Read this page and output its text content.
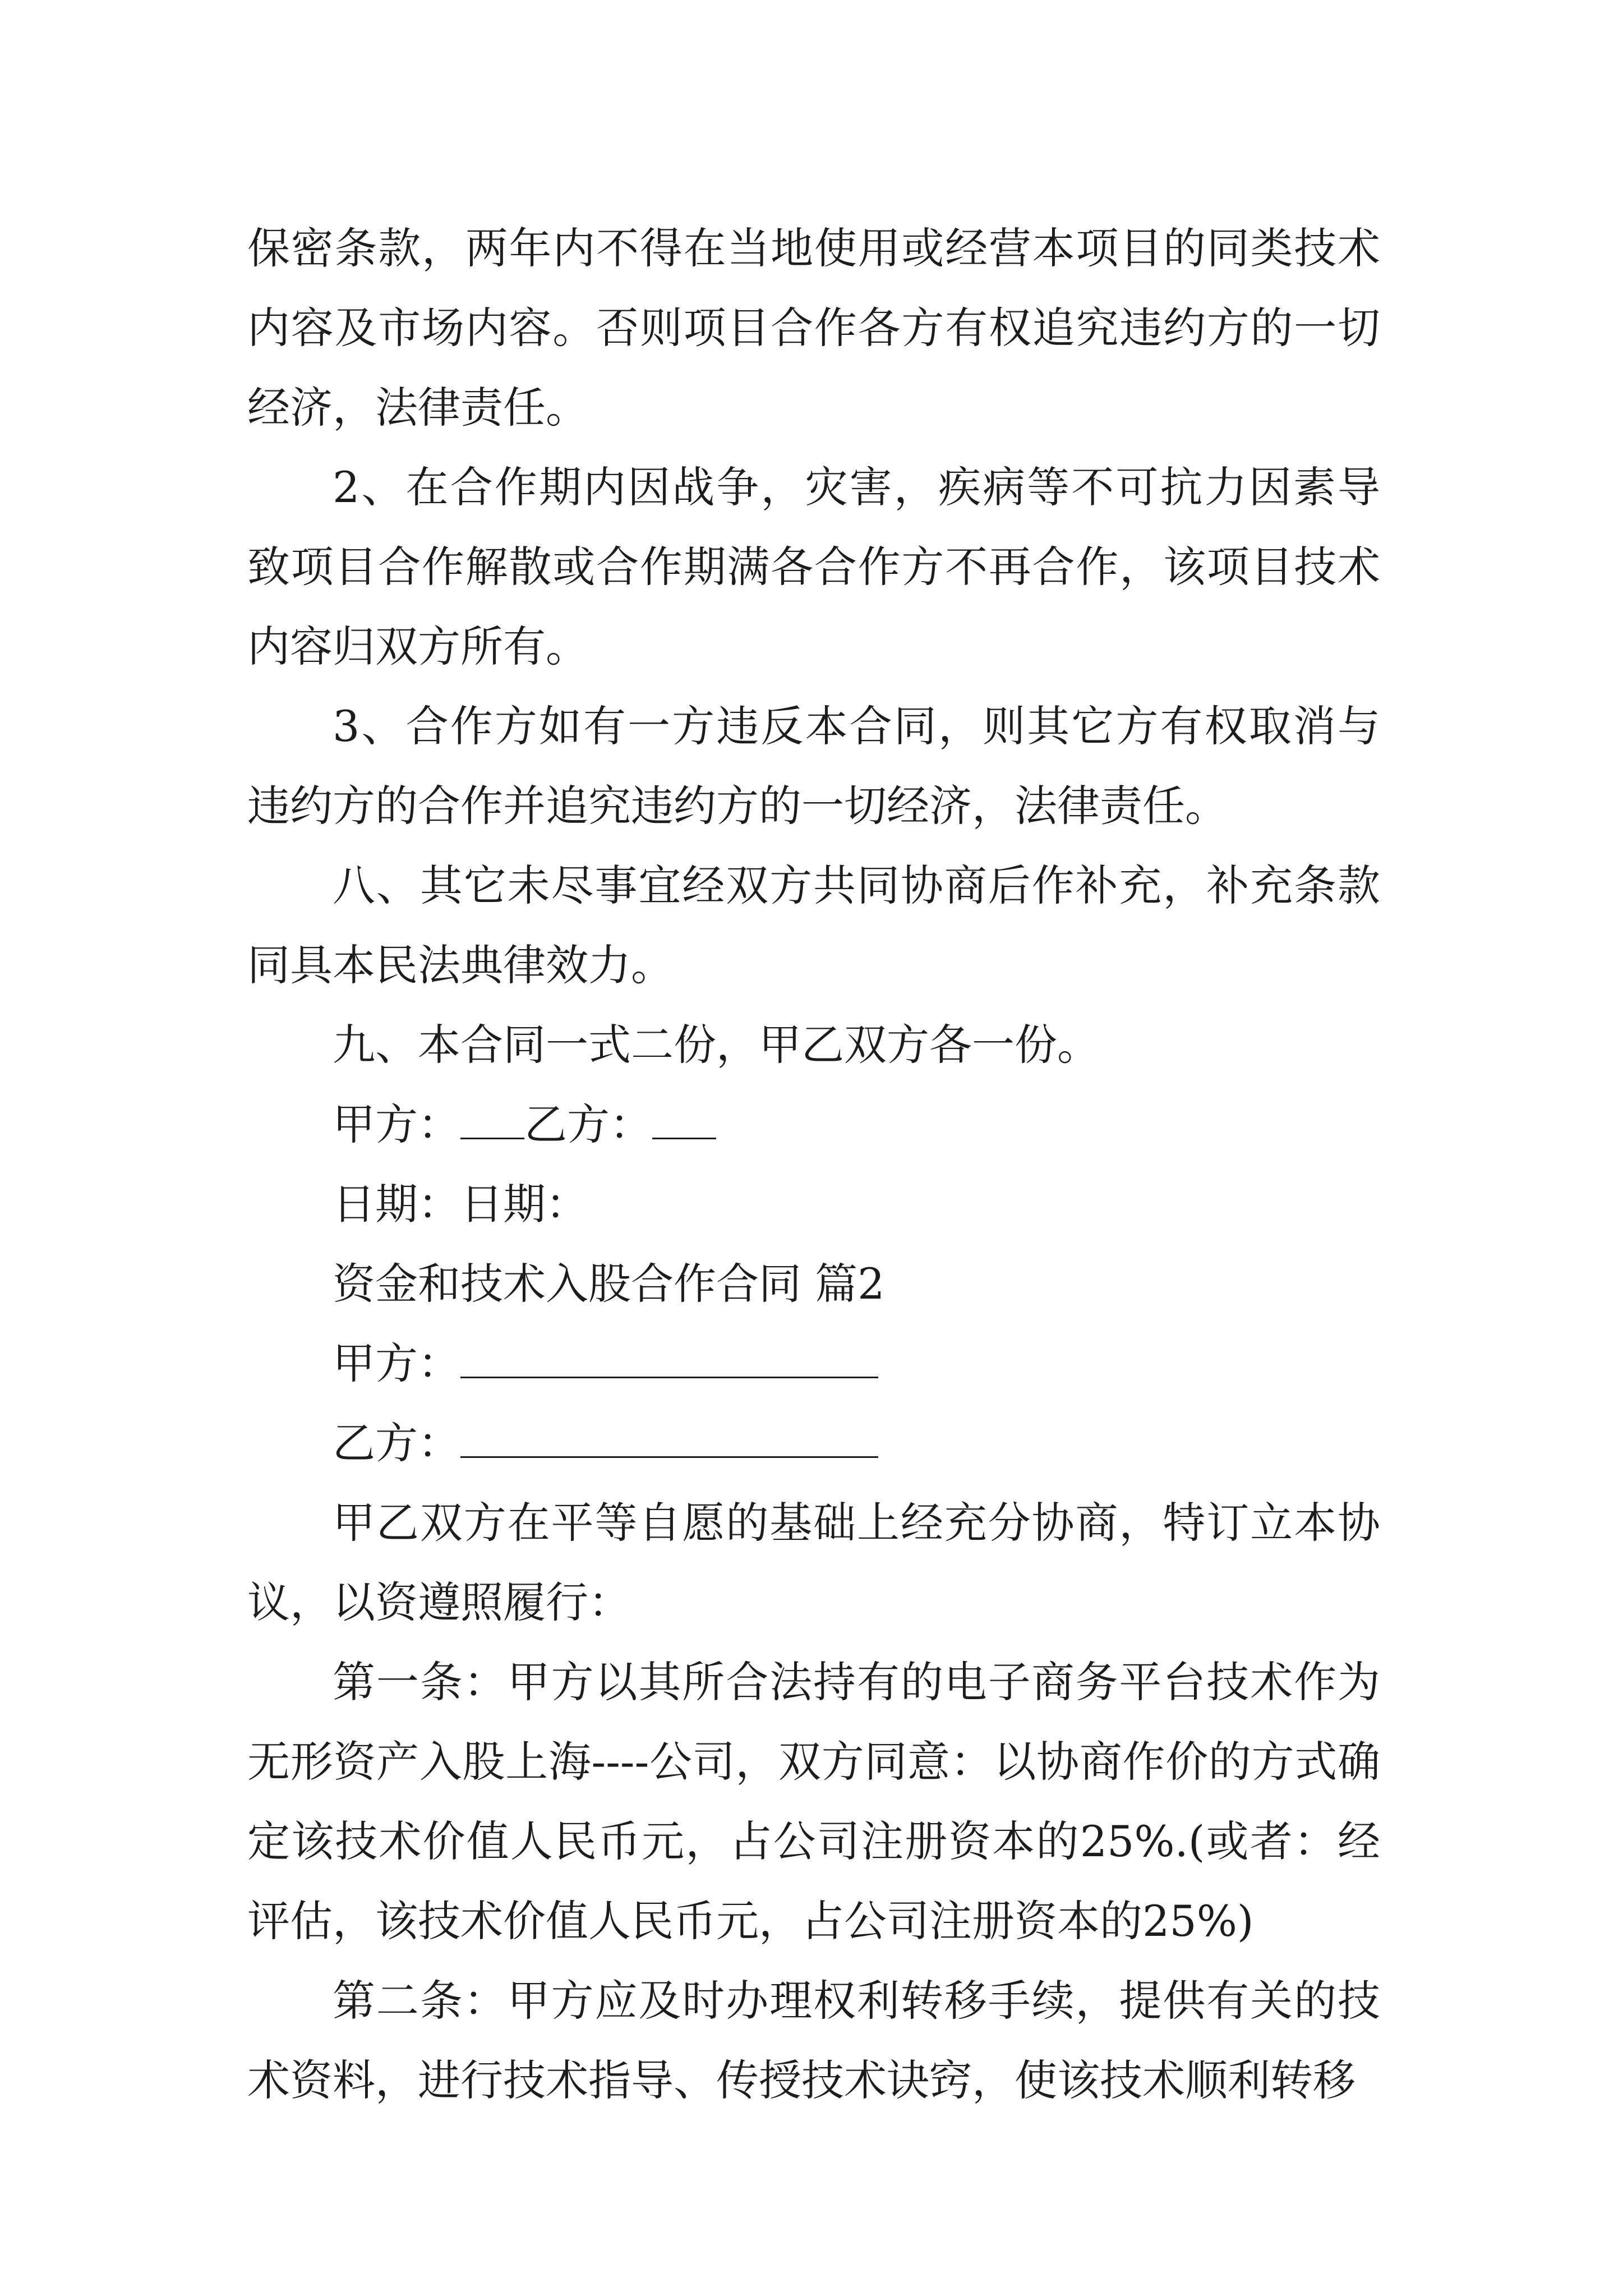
保密条款，两年内不得在当地使用或经营本项目的同类技术内容及市场内容。否则项目合作各方有权追究违约方的一切经济，法律责任。

2、在合作期内因战争，灾害，疾病等不可抗力因素导致项目合作解散或合作期满各合作方不再合作，该项目技术内容归双方所有。

3、合作方如有一方违反本合同，则其它方有权取消与违约方的合作并追究违约方的一切经济，法律责任。

八、其它未尽事宜经双方共同协商后作补充，补充条款同具本民法典律效力。

九、本合同一式二份，甲乙双方各一份。

甲方： 乙方：

日期：日期：

资金和技术入股合作合同 篇2

甲方：

乙方：

甲乙双方在平等自愿的基础上经充分协商，特订立本协议，以资遵照履行：

第一条：甲方以其所合法持有的电子商务平台技术作为无形资产入股上海----公司，双方同意：以协商作价的方式确定该技术价值人民币元，占公司注册资本的25%.(或者：经评估，该技术价值人民币元，占公司注册资本的25%)

第二条：甲方应及时办理权利转移手续，提供有关的技术资料，进行技术指导、传授技术诀窍，使该技术顺利转移
